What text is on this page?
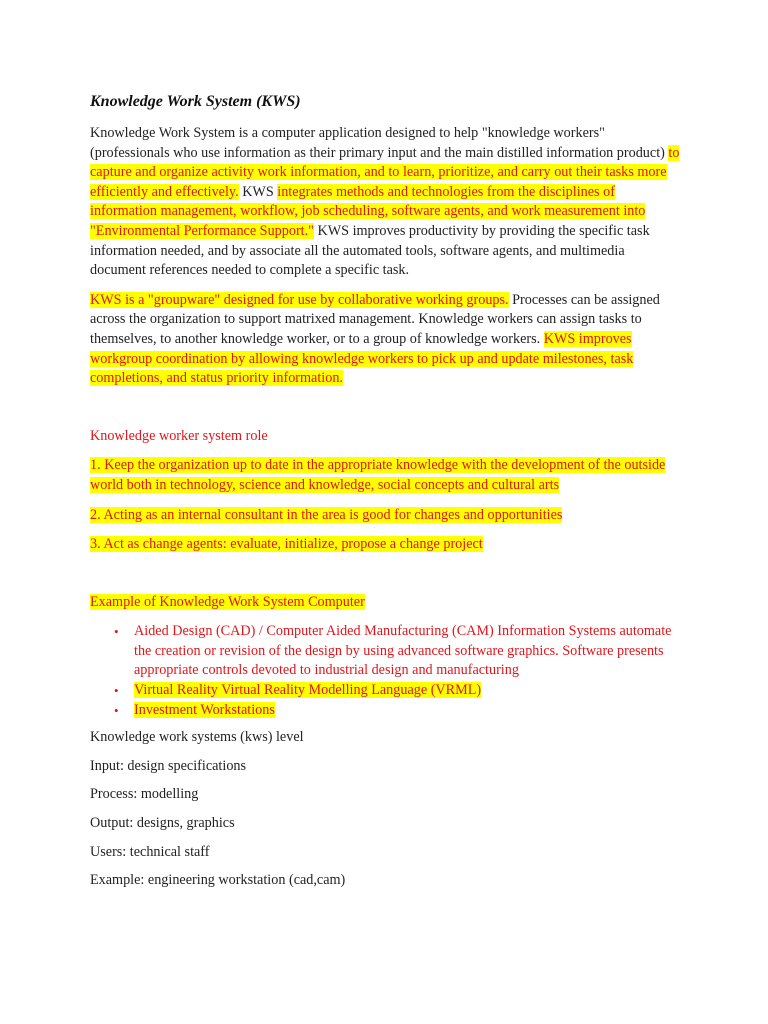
Knowledge Work System (KWS)

Knowledge Work System is a computer application designed to help "knowledge workers" (professionals who use information as their primary input and the main distilled information product) to capture and organize activity work information, and to learn, prioritize, and carry out their tasks more efficiently and effectively. KWS integrates methods and technologies from the disciplines of information management, workflow, job scheduling, software agents, and work measurement into "Environmental Performance Support." KWS improves productivity by providing the specific task information needed, and by associate all the automated tools, software agents, and multimedia document references needed to complete a specific task.

KWS is a "groupware" designed for use by collaborative working groups. Processes can be assigned across the organization to support matrixed management. Knowledge workers can assign tasks to themselves, to another knowledge worker, or to a group of knowledge workers. KWS improves workgroup coordination by allowing knowledge workers to pick up and update milestones, task completions, and status priority information.

Knowledge worker system role

1. Keep the organization up to date in the appropriate knowledge with the development of the outside world both in technology, science and knowledge, social concepts and cultural arts

2. Acting as an internal consultant in the area is good for changes and opportunities

3. Act as change agents: evaluate, initialize, propose a change project

Example of Knowledge Work System Computer

• Aided Design (CAD) / Computer Aided Manufacturing (CAM) Information Systems automate the creation or revision of the design by using advanced software graphics. Software presents appropriate controls devoted to industrial design and manufacturing
• Virtual Reality Virtual Reality Modelling Language (VRML)
• Investment Workstations

Knowledge work systems (kws) level

Input: design specifications

Process: modelling

Output: designs, graphics

Users: technical staff

Example: engineering workstation (cad,cam)
